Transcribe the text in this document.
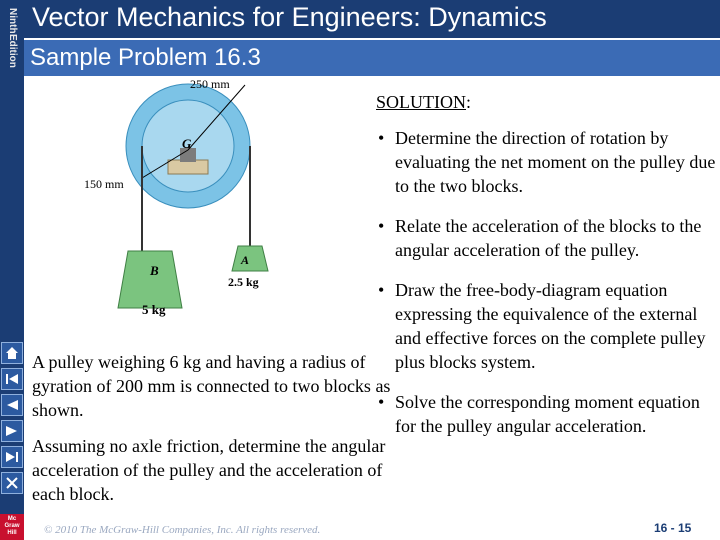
Ninth
Edition
Vector Mechanics for Engineers: Dynamics
Sample Problem 16.3
Mc
Graw
Hill
250 mm
150 mm
G
B
5 kg
A
2.5 kg

A pulley weighing 6 kg and having a radius of gyration of 200 mm is connected to two blocks as shown.

Assuming no axle friction, determine the angular acceleration of the pulley and the acceleration of each block.

SOLUTION:
• Determine the direction of rotation by evaluating the net moment on the pulley due to the two blocks.
• Relate the acceleration of the blocks to the angular acceleration of the pulley.
• Draw the free-body-diagram equation expressing the equivalence of the external and effective forces on the complete pulley plus blocks system.
• Solve the corresponding moment equation for the pulley angular acceleration.
© 2010 The McGraw-Hill Companies, Inc. All rights reserved.	16 - 15
